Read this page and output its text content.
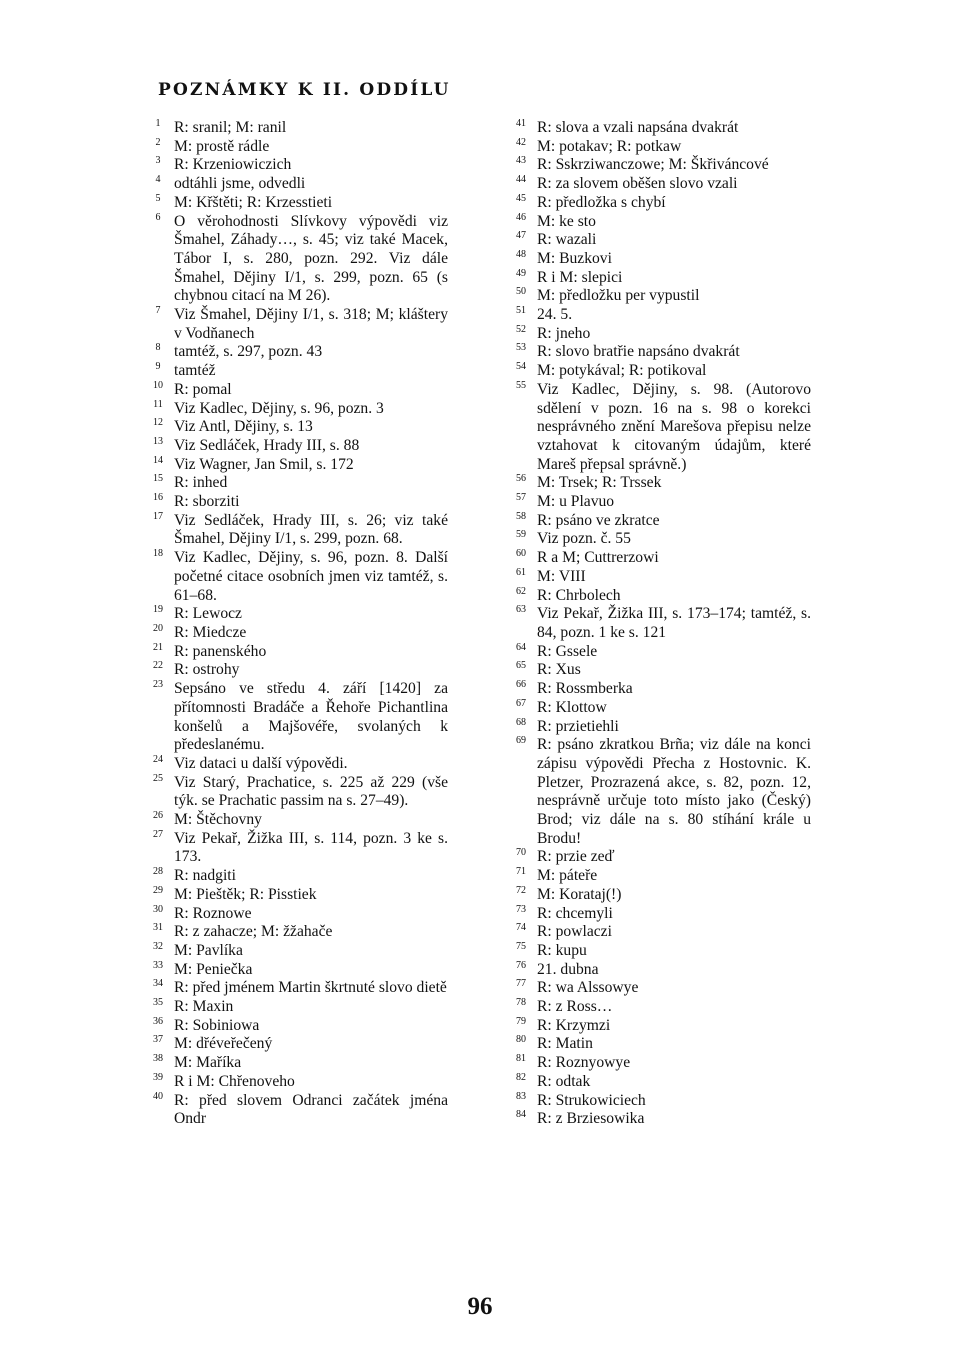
POZNÁMKY K II. ODDÍLU
1 R: sranil; M: ranil
2 M: prostě rádle
3 R: Krzeniowiczich
4 odtáhli jsme, odvedli
5 M: Křštěti; R: Krzesstieti
6 O věrohodnosti Slívkovy výpovědi viz Šmahel, Záhady…, s. 45; viz také Macek, Tábor I, s. 280, pozn. 292. Viz dále Šmahel, Dějiny I/1, s. 299, pozn. 65 (s chybnou citací na M 26).
7 Viz Šmahel, Dějiny I/1, s. 318; M; kláštery v Vodňanech
8 tamtéž, s. 297, pozn. 43
9 tamtéž
10 R: pomal
11 Viz Kadlec, Dějiny, s. 96, pozn. 3
12 Viz Antl, Dějiny, s. 13
13 Viz Sedláček, Hrady III, s. 88
14 Viz Wagner, Jan Smil, s. 172
15 R: inhed
16 R: sborziti
17 Viz Sedláček, Hrady III, s. 26; viz také Šmahel, Dějiny I/1, s. 299, pozn. 68.
18 Viz Kadlec, Dějiny, s. 96, pozn. 8. Další početné citace osobních jmen viz tamtéž, s. 61–68.
19 R: Lewocz
20 R: Miedcze
21 R: panenského
22 R: ostrohy
23 Sepsáno ve středu 4. září [1420] za přítomnosti Bradáče a Řehoře Pichantlina konšelů a Majšovéře, svolaných k předeslanému.
24 Viz dataci u další výpovědi.
25 Viz Starý, Prachatice, s. 225 až 229 (vše týk. se Prachatic passim na s. 27–49).
26 M: Štěchovny
27 Viz Pekař, Žižka III, s. 114, pozn. 3 ke s. 173.
28 R: nadgiti
29 M: Pieštěk; R: Pisstiek
30 R: Roznowe
31 R: z zahacze; M: žžahače
32 M: Pavlíka
33 M: Peniečka
34 R: před jménem Martin škrtnuté slovo dietě
35 R: Maxin
36 R: Sobiniowa
37 M: dřéveřečený
38 M: Maříka
39 R i M: Chřenoveho
40 R: před slovem Odranci začátek jména Ondr
41 R: slova a vzali napsána dvakrát
42 M: potakav; R: potkaw
43 R: Sskrziwanczowe; M: Škřiváncové
44 R: za slovem oběšen slovo vzali
45 R: předložka s chybí
46 M: ke sto
47 R: wazali
48 M: Buzkovi
49 R i M: slepici
50 M: předložku per vypustil
51 24. 5.
52 R: jneho
53 R: slovo bratřie napsáno dvakrát
54 M: potykával; R: potikoval
55 Viz Kadlec, Dějiny, s. 98. (Autorovo sdělení v pozn. 16 na s. 98 o korekci nesprávného znění Marešova přepisu nelze vztahovat k citovaným údajům, které Mareš přepsal správně.)
56 M: Trsek; R: Trssek
57 M: u Plavuo
58 R: psáno ve zkratce
59 Viz pozn. č. 55
60 R a M; Cuttrerzowi
61 M: VIII
62 R: Chrbolech
63 Viz Pekař, Žižka III, s. 173–174; tamtéž, s. 84, pozn. 1 ke s. 121
64 R: Gssele
65 R: Xus
66 R: Rossmberka
67 R: Klottow
68 R: przietiehli
69 R: psáno zkratkou Brña; viz dále na konci zápisu výpovědi Přecha z Hostovnic. K. Pletzer, Prozrazená akce, s. 82, pozn. 12, nesprávně určuje toto místo jako (Český) Brod; viz dále na s. 80 stíhání krále u Brodu!
70 R: przie zeď
71 M: páteře
72 M: Korataj(!)
73 R: chcemyli
74 R: powlaczi
75 R: kupu
76 21. dubna
77 R: wa Alssowye
78 R: z Ross…
79 R: Krzymzi
80 R: Matin
81 R: Roznyowye
82 R: odtak
83 R: Strukowiciech
84 R: z Brziesowika
96
